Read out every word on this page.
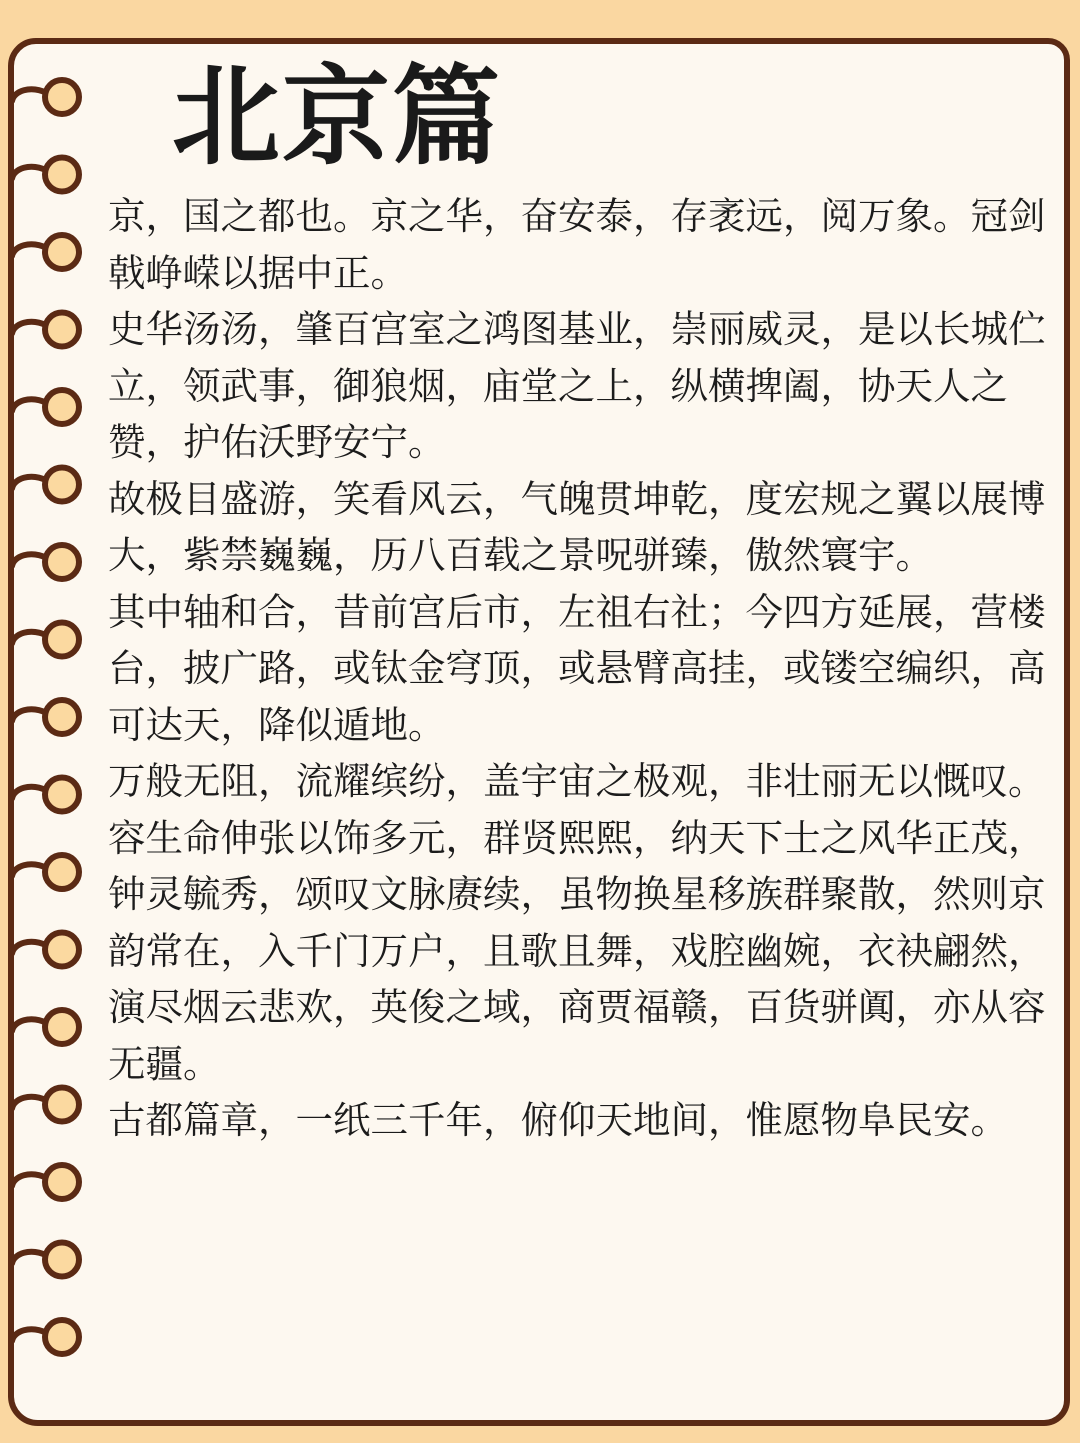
北京篇

京，国之都也。京之华，奋安泰，存袤远，阅万象。冠剑戟峥嵘以据中正。

史华汤汤，肇百宫室之鸿图基业，崇丽威灵，是以长城伫立，领武事，御狼烟，庙堂之上，纵横捭阖，协天人之赞，护佑沃野安宁。

故极目盛游，笑看风云，气魄贯坤乾，度宏规之翼以展博大，紫禁巍巍，历八百载之景呪骈臻，傲然寰宇。

其中轴和合，昔前宫后市，左祖右社；今四方延展，营楼台，披广路，或钛金穹顶，或悬臂高挂，或镂空编织，高可达天，降似遁地。

万般无阻，流耀缤纷，盖宇宙之极观，非壮丽无以慨叹。

容生命伸张以饰多元，群贤熙熙，纳天下士之风华正茂，钟灵毓秀，颂叹文脉赓续，虽物换星移族群聚散，然则京韵常在，入千门万户，且歌且舞，戏腔幽婉，衣袂翩然，演尽烟云悲欢，英俊之域，商贾福赣，百货骈阗，亦从容无疆。

古都篇章，一纸三千年，俯仰天地间，惟愿物阜民安。
